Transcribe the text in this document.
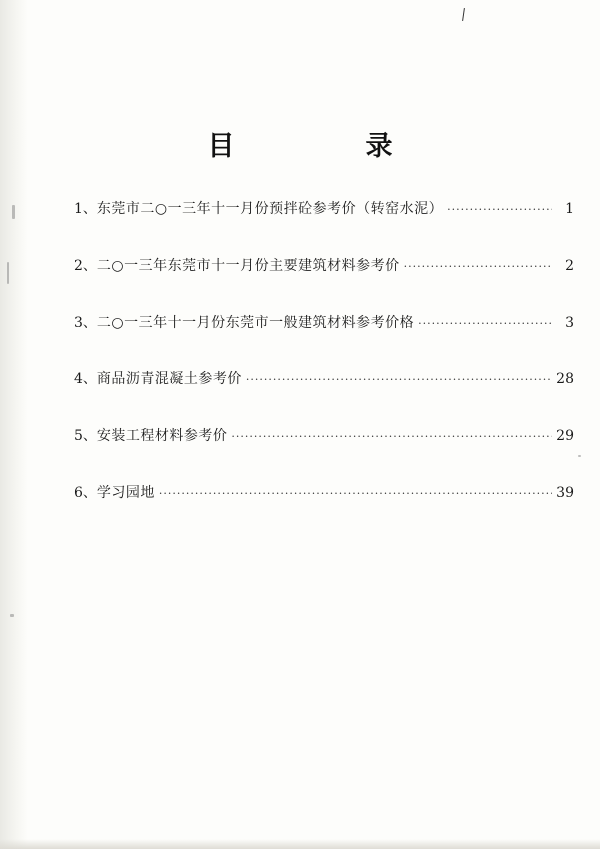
目　录
1、 东莞市二○一三年十一月份预拌砼参考价（转窑水泥） ·····	1
2、 二○一三年东莞市十一月份主要建筑材料参考价 ·····	2
3、 二○一三年十一月份东莞市一般建筑材料参考价格 ·····	3
4、 商品沥青混凝土参考价 ·····	28
5、 安装工程材料参考价 ·····	29
6、 学习园地 ·····	39
